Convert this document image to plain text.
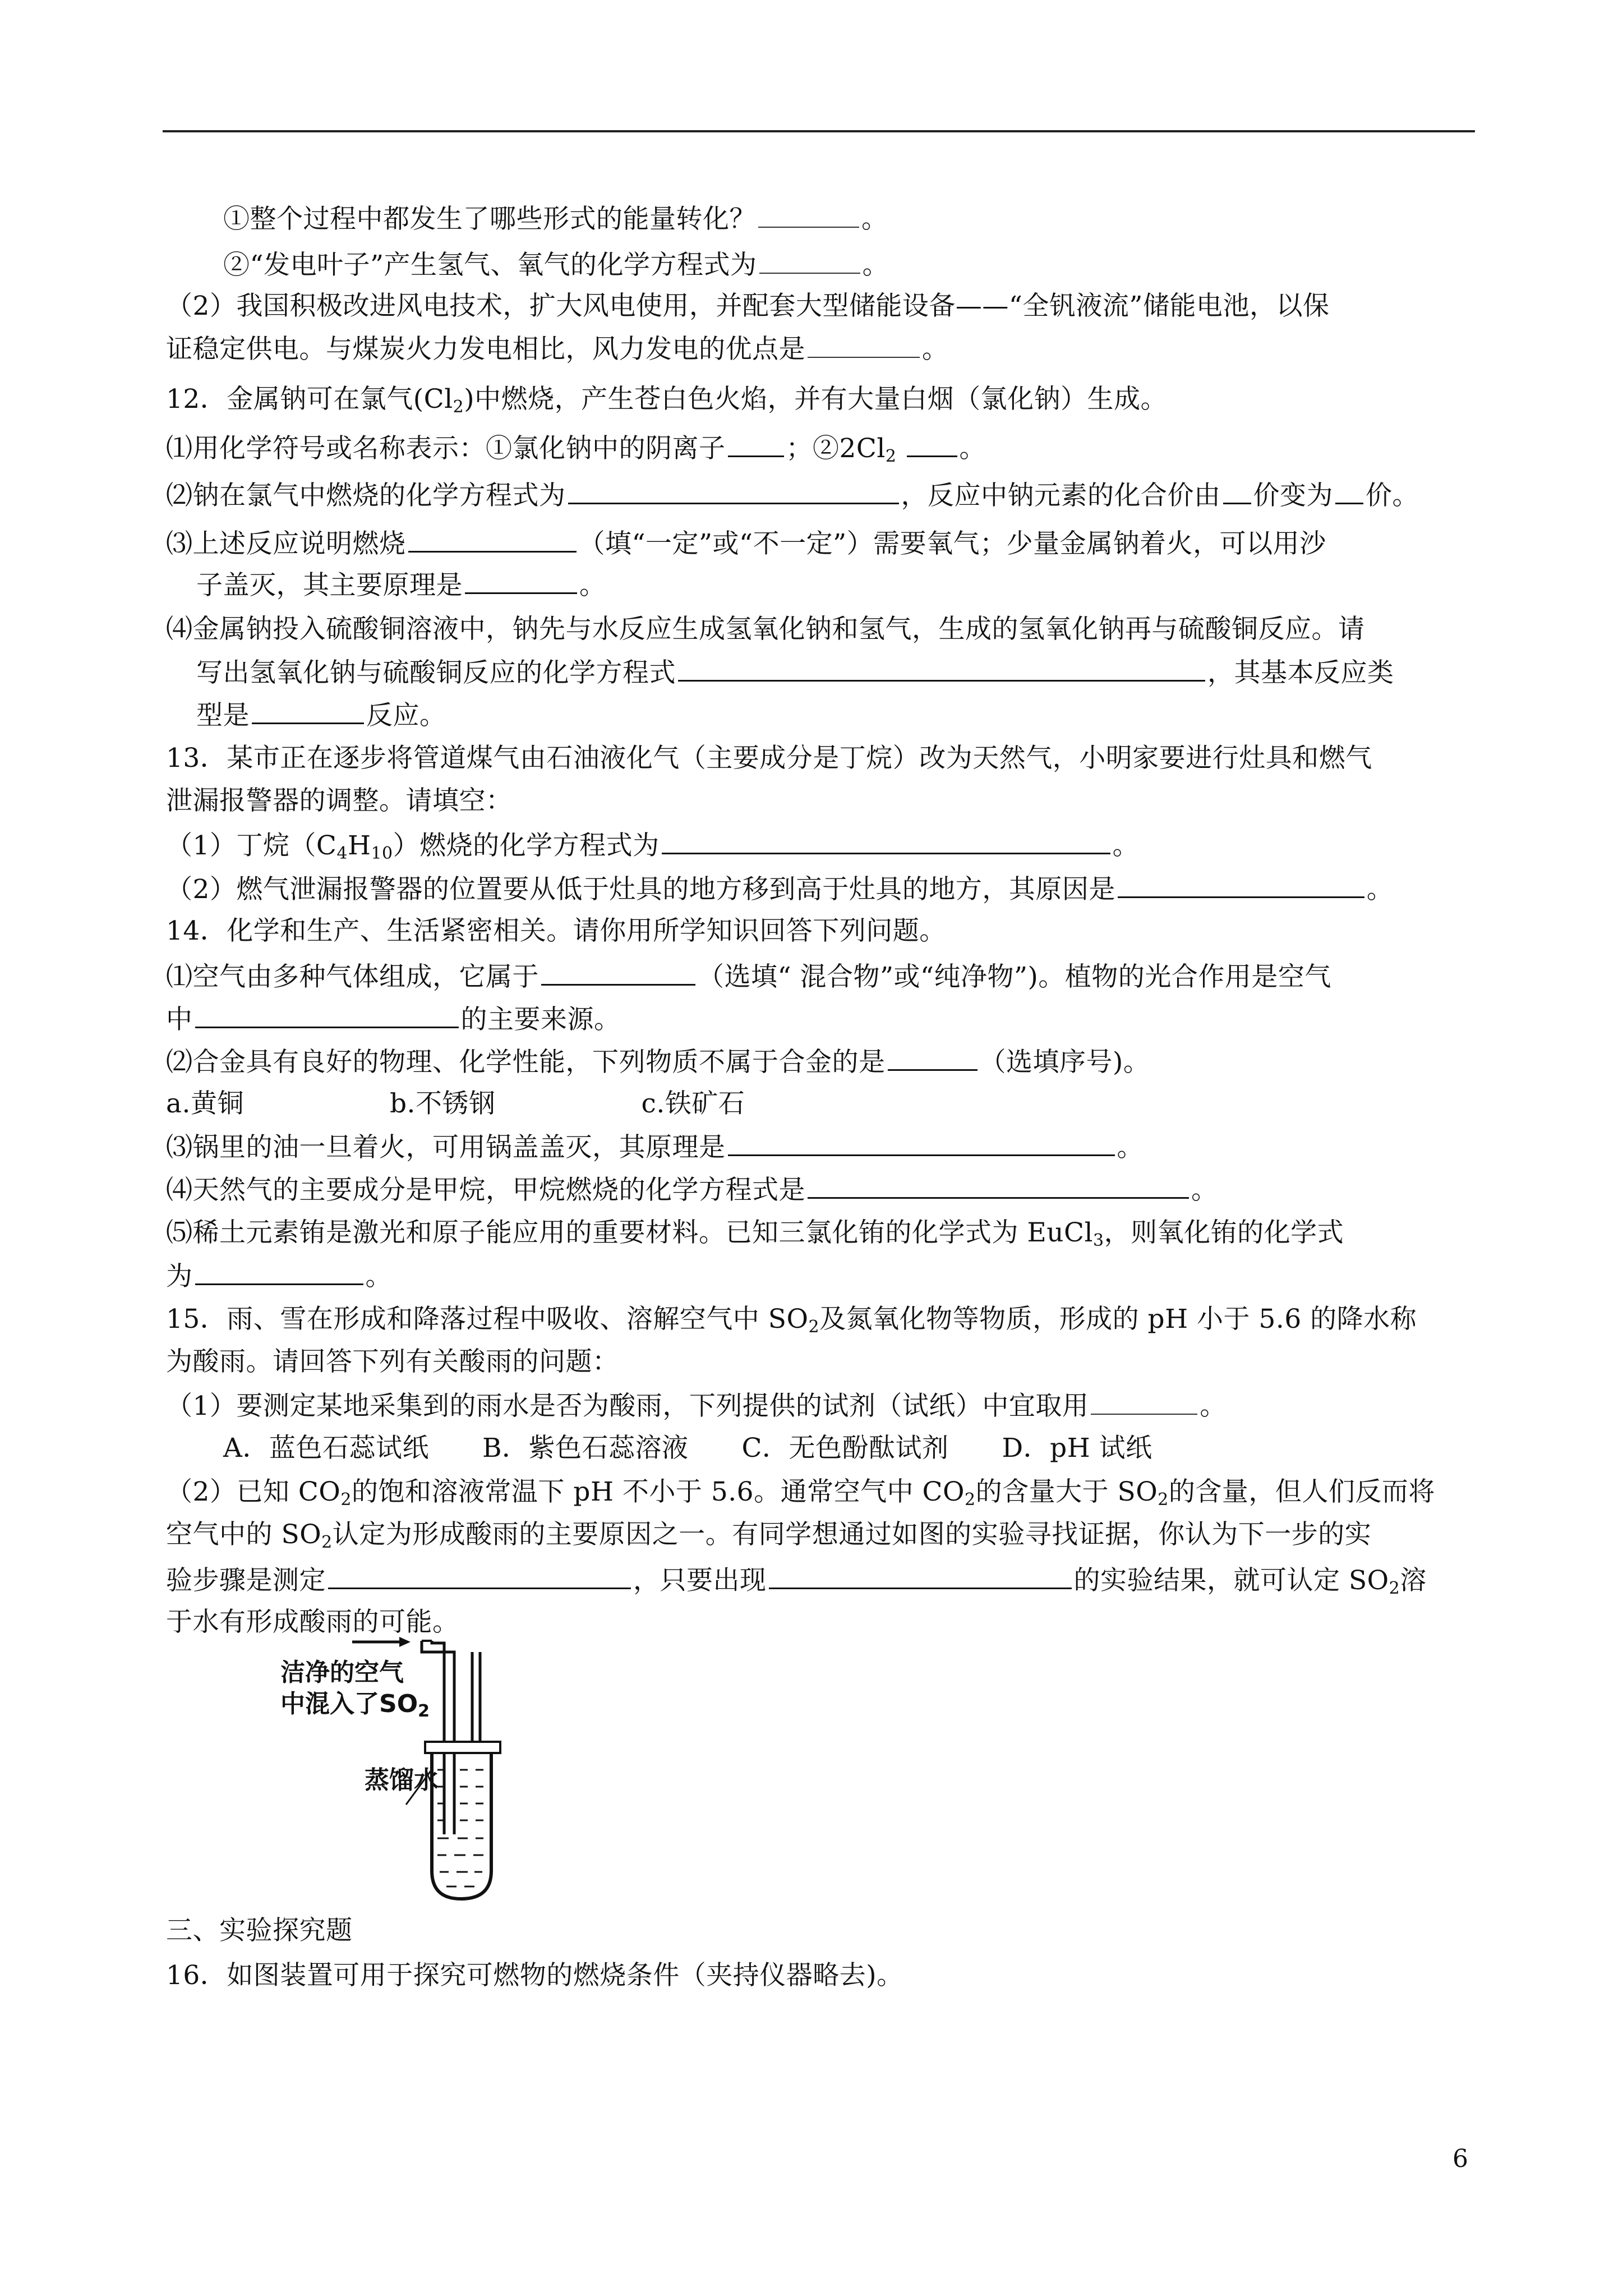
①整个过程中都发生了哪些形式的能量转化？	。
②“发电叶子”产生氢气、氧气的化学方程式为	。
（2）我国积极改进风电技术，扩大风电使用，并配套大型储能设备——“全钒液流”储能电池，以保
证稳定供电。与煤炭火力发电相比，风力发电的优点是	。
12．金属钠可在氯气$(Cl_2)$中燃烧，产生苍白色火焰，并有大量白烟（氯化钠）生成。
⑴用化学符号或名称表示：①氯化钠中的阴离子 ；$②2Cl_2$ 。
⑵钠在氯气中燃烧的化学方程式为	，反应中钠元素的化合价由 价变为 价。
⑶上述反应说明燃烧	（填“一定”或“不一定”）需要氧气；少量金属钠着火，可以用沙
子盖灭，其主要原理是	。
⑷金属钠投入硫酸铜溶液中，钠先与水反应生成氢氧化钠和氢气，生成的氢氧化钠再与硫酸铜反应。请
写出氢氧化钠与硫酸铜反应的化学方程式	，其基本反应类
型是	反应。
13．某市正在逐步将管道煤气由石油液化气（主要成分是丁烷）改为天然气，小明家要进行灶具和燃气
泄漏报警器的调整。请填空：
（1）丁烷$(C_4H_{10})$燃烧的化学方程式为	。
（2）燃气泄漏报警器的位置要从低于灶具的地方移到高于灶具的地方，其原因是	。
14．化学和生产、生活紧密相关。请你用所学知识回答下列问题。
⑴空气由多种气体组成，它属于	（选填“ 混合物”或“纯净物”)。植物的光合作用是空气
中	的主要来源。
⑵合金具有良好的物理、化学性能，下列物质不属于合金的是	（选填序号)。
a.黄铜	b.不锈钢	c.铁矿石
⑶锅里的油一旦着火，可用锅盖盖灭，其原理是	。
⑷天然气的主要成分是甲烷，甲烷燃烧的化学方程式是	。
⑸稀土元素铕是激光和原子能应用的重要材料。已知三氯化铕的化学式为 EuCl$_3$，则氧化铕的化学式
为	。
15．雨、雪在形成和降落过程中吸收、溶解空气中 $SO_2$及氮氧化物等物质，形成的 pH 小于 5.6 的降水称
为酸雨。请回答下列有关酸雨的问题：
（1）要测定某地采集到的雨水是否为酸雨，下列提供的试剂（试纸）中宜取用	。
A．蓝色石蕊试纸　　B．紫色石蕊溶液　　C．无色酚酞试剂　　D．pH 试纸
（2）已知 $CO_2$的饱和溶液常温下 pH 不小于 5.6。通常空气中 $CO_2$的含量大于 $SO_2$的含量，但人们反而将
空气中的 $SO_2$认定为形成酸雨的主要原因之一。有同学想通过如图的实验寻找证据，你认为下一步的实
验步骤是测定	，只要出现	的实验结果，就可认定 $SO_2$溶
于水有形成酸雨的可能。
洁净的空气
中混入了$SO_2$
蒸馏水
三、实验探究题
16．如图装置可用于探究可燃物的燃烧条件（夹持仪器略去)。
6
